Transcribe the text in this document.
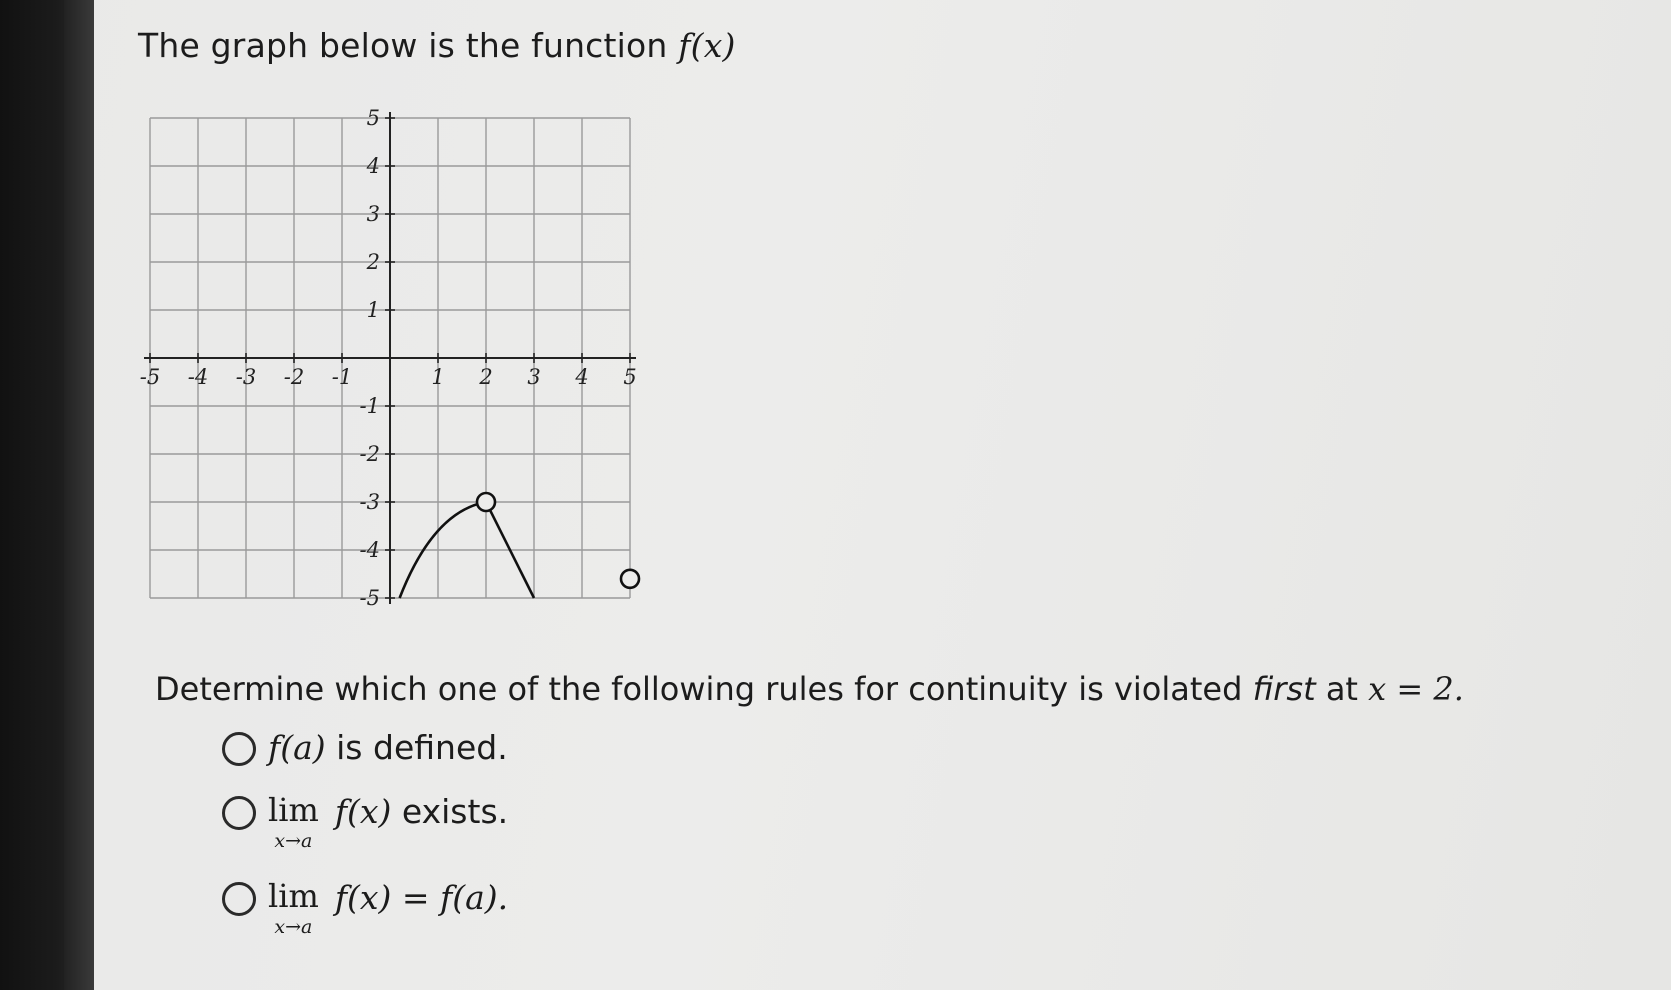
The graph below is the function f(x)
-5 -4 -3 -2 -1	1 2 3 4 5
5
4
3
2
1
-1
-2
-3
-4
-5
Determine which one of the following rules for continuity is violated first at x = 2.
f(a) is defined.
lim
x→a
f(x) exists.
lim
x→a
f(x) = f(a).
